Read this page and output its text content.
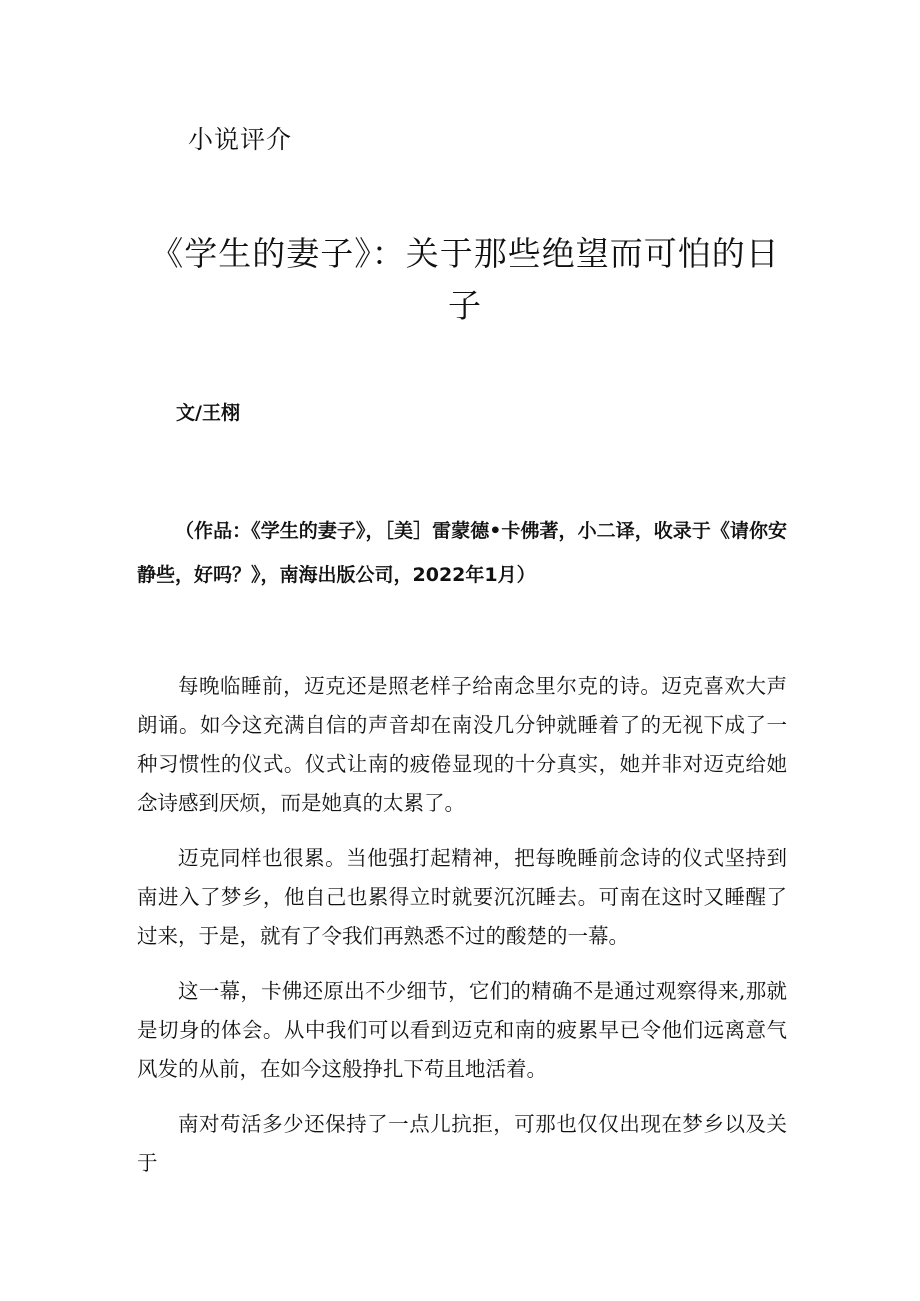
小说评介
《学生的妻子》：关于那些绝望而可怕的日子
文/王栩
（作品：《学生的妻子》，［美］雷蒙德•卡佛著，小二译，收录于《请你安静些，好吗？》，南海出版公司，2022年1月）

每晚临睡前，迈克还是照老样子给南念里尔克的诗。迈克喜欢大声朗诵。如今这充满自信的声音却在南没几分钟就睡着了的无视下成了一种习惯性的仪式。仪式让南的疲倦显现的十分真实，她并非对迈克给她念诗感到厌烦，而是她真的太累了。

迈克同样也很累。当他强打起精神，把每晚睡前念诗的仪式坚持到南进入了梦乡，他自己也累得立时就要沉沉睡去。可南在这时又睡醒了过来，于是，就有了令我们再熟悉不过的酸楚的一幕。

这一幕，卡佛还原出不少细节，它们的精确不是通过观察得来,那就是切身的体会。从中我们可以看到迈克和南的疲累早已令他们远离意气风发的从前，在如今这般挣扎下苟且地活着。

南对苟活多少还保持了一点儿抗拒，可那也仅仅出现在梦乡以及关于
